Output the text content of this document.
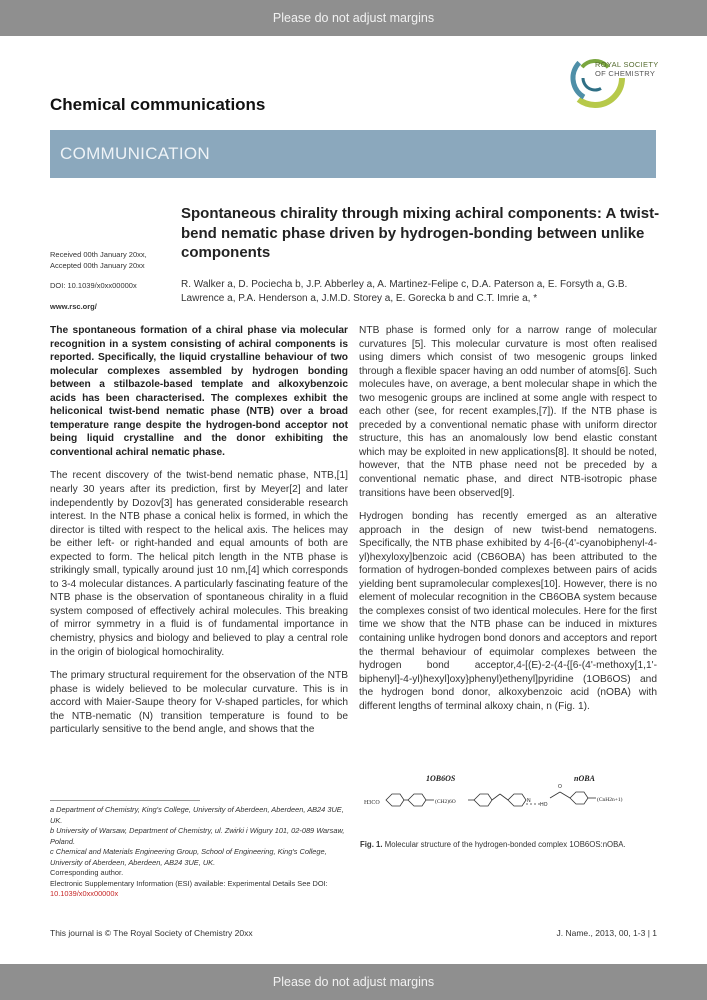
Please do not adjust margins
ROYAL SOCIETY
OF CHEMISTRY
Chemical communications
COMMUNICATION
Spontaneous chirality through mixing achiral components: A twist-bend nematic phase driven by hydrogen-bonding between unlike components
Received 00th January 20xx,
Accepted 00th January 20xx
DOI: 10.1039/x0xx00000x
www.rsc.org/
R. Walker a, D. Pociecha b, J.P. Abberley a, A. Martinez-Felipe c, D.A. Paterson a, E. Forsyth a, G.B. Lawrence a, P.A. Henderson a, J.M.D. Storey a, E. Gorecka b and C.T. Imrie a, *

The spontaneous formation of a chiral phase via molecular recognition in a system consisting of achiral components is reported. Specifically, the liquid crystalline behaviour of two molecular complexes assembled by hydrogen bonding between a stilbazole-based template and alkoxybenzoic acids has been characterised. The complexes exhibit the heliconical twist-bend nematic phase (NTB) over a broad temperature range despite the hydrogen-bond acceptor not being liquid crystalline and the donor exhibiting the conventional achiral nematic phase.

The recent discovery of the twist-bend nematic phase, NTB,[1] nearly 30 years after its prediction, first by Meyer[2] and later independently by Dozov[3] has generated considerable research interest. In the NTB phase a conical helix is formed, in which the director is tilted with respect to the helical axis. The helices may be either left- or right-handed and equal amounts of both are expected to form. The helical pitch length in the NTB phase is strikingly small, typically around just 10 nm,[4] which corresponds to 3-4 molecular distances. A particularly fascinating feature of the NTB phase is the observation of spontaneous chirality in a fluid system composed of effectively achiral molecules. This breaking of mirror symmetry in a fluid is of fundamental importance in chemistry, physics and biology and believed to play a central role in the origin of biological homochirality.

The primary structural requirement for the observation of the NTB phase is widely believed to be molecular curvature. This is in accord with Maier-Saupe theory for V-shaped particles, for which the NTB-nematic (N) transition temperature is found to be particularly sensitive to the bend angle, and shows that the

NTB phase is formed only for a narrow range of molecular curvatures [5]. This molecular curvature is most often realised using dimers which consist of two mesogenic groups linked through a flexible spacer having an odd number of atoms[6]. Such molecules have, on average, a bent molecular shape in which the two mesogenic groups are inclined at some angle with respect to each other (see, for recent examples,[7]). If the NTB phase is preceded by a conventional nematic phase with uniform director structure, this has an anomalously low bend elastic constant which may be exploited in new applications[8]. It should be noted, however, that the NTB phase need not be preceded by a conventional nematic phase, and direct NTB-isotropic phase transitions have been observed[9].

Hydrogen bonding has recently emerged as an alterative approach in the design of new twist-bend nematogens. Specifically, the NTB phase exhibited by 4-[6-(4'-cyanobiphenyl-4-yl)hexyloxy]benzoic acid (CB6OBA) has been attributed to the formation of hydrogen-bonded complexes between pairs of acids yielding bent supramolecular complexes[10]. However, there is no element of molecular recognition in the CB6OBA system because the complexes consist of two identical molecules. Here for the first time we show that the NTB phase can be induced in mixtures containing unlike hydrogen bond donors and acceptors and report the thermal behaviour of equimolar complexes between the hydrogen bond acceptor,4-[(E)-2-(4-{[6-(4'-methoxy[1,1'-biphenyl]-4-yl)hexyl]oxy}phenyl)ethenyl]pyridine (1OB6OS) and the hydrogen bond donor, alkoxybenzoic acid (nOBA) with different lengths of terminal alkoxy chain, n (Fig. 1).

1OB6OS	nOBA
H3CO	(CH2)6O	N
HO
O
(CnH2n+1)
Fig. 1. Molecular structure of the hydrogen-bonded complex 1OB6OS:nOBA.
a Department of Chemistry, King's College, University of Aberdeen, Aberdeen, AB24 3UE, UK.
b University of Warsaw, Department of Chemistry, ul. Zwirki i Wigury 101, 02-089 Warsaw, Poland.
c Chemical and Materials Engineering Group, School of Engineering, King's College, University of Aberdeen, Aberdeen, AB24 3UE, UK.
Corresponding author.
Electronic Supplementary Information (ESI) available: Experimental Details See DOI: 10.1039/x0xx00000x
This journal is © The Royal Society of Chemistry 20xx	J. Name., 2013, 00, 1-3 | 1
Please do not adjust margins
